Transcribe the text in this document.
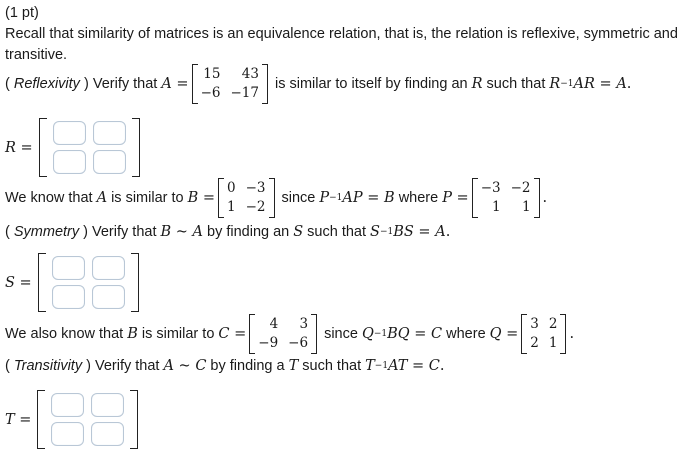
(1 pt)
Recall that similarity of matrices is an equivalence relation, that is, the relation is reflexive, symmetric and
transitive.
( Reflexivity ) Verify that A =
15	43
−6 −17
is similar to itself by finding an R such that R −1 AR = A .
R =
We know that A is similar to B =
0 −3
1 −2
since P −1 AP = B where P =
−3 −2
1	1
.
( Symmetry ) Verify that B ~ A by finding an S such that S −1 BS = A .
S =
We also know that B is similar to C =
4	3
−9 −6
since Q −1 BQ = C where Q =
3 2
2 1
.
( Transitivity ) Verify that A ~ C by finding a T such that T −1 AT = C .
T =
